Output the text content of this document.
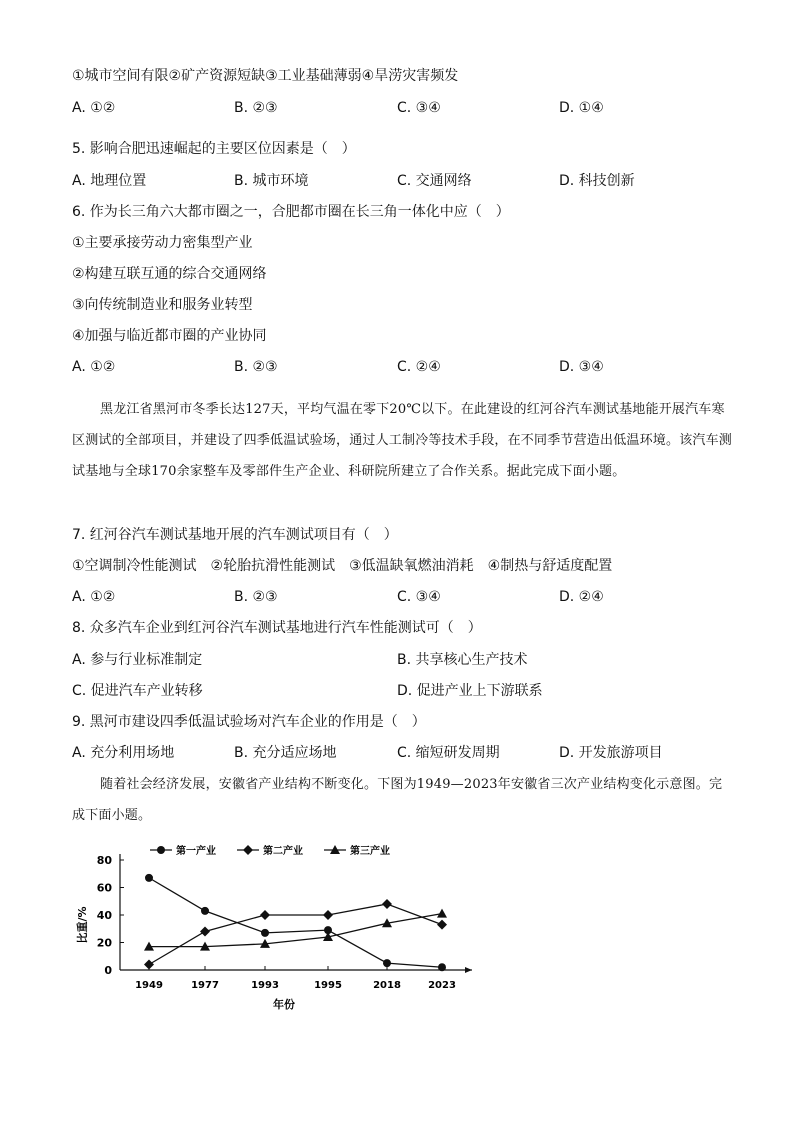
①城市空间有限②矿产资源短缺③工业基础薄弱④旱涝灾害频发
A. ①②	B. ②③	C. ③④	D. ①④
5. 影响合肥迅速崛起的主要区位因素是（　）
A. 地理位置	B. 城市环境	C. 交通网络	D. 科技创新
6. 作为长三角六大都市圈之一，合肥都市圈在长三角一体化中应（　）
①主要承接劳动力密集型产业
②构建互联互通的综合交通网络
③向传统制造业和服务业转型
④加强与临近都市圈的产业协同
A. ①②	B. ②③	C. ②④	D. ③④
黑龙江省黑河市冬季长达127天，平均气温在零下20℃以下。在此建设的红河谷汽车测试基地能开展汽车寒区测试的全部项目，并建设了四季低温试验场，通过人工制冷等技术手段，在不同季节营造出低温环境。该汽车测试基地与全球170余家整车及零部件生产企业、科研院所建立了合作关系。据此完成下面小题。
7. 红河谷汽车测试基地开展的汽车测试项目有（　）
①空调制冷性能测试　②轮胎抗滑性能测试　③低温缺氧燃油消耗　④制热与舒适度配置
A. ①②	B. ②③	C. ③④	D. ②④
8. 众多汽车企业到红河谷汽车测试基地进行汽车性能测试可（　）
A. 参与行业标准制定	B. 共享核心生产技术
C. 促进汽车产业转移	D. 促进产业上下游联系
9. 黑河市建设四季低温试验场对汽车企业的作用是（　）
A. 充分利用场地	B. 充分适应场地	C. 缩短研发周期	D. 开发旅游项目
随着社会经济发展，安徽省产业结构不断变化。下图为1949—2023年安徽省三次产业结构变化示意图。完成下面小题。
第一产业	第二产业	第三产业
0
20
40
60
80
1949	1977	1993	1995	2018	2023
比重/%
年份
